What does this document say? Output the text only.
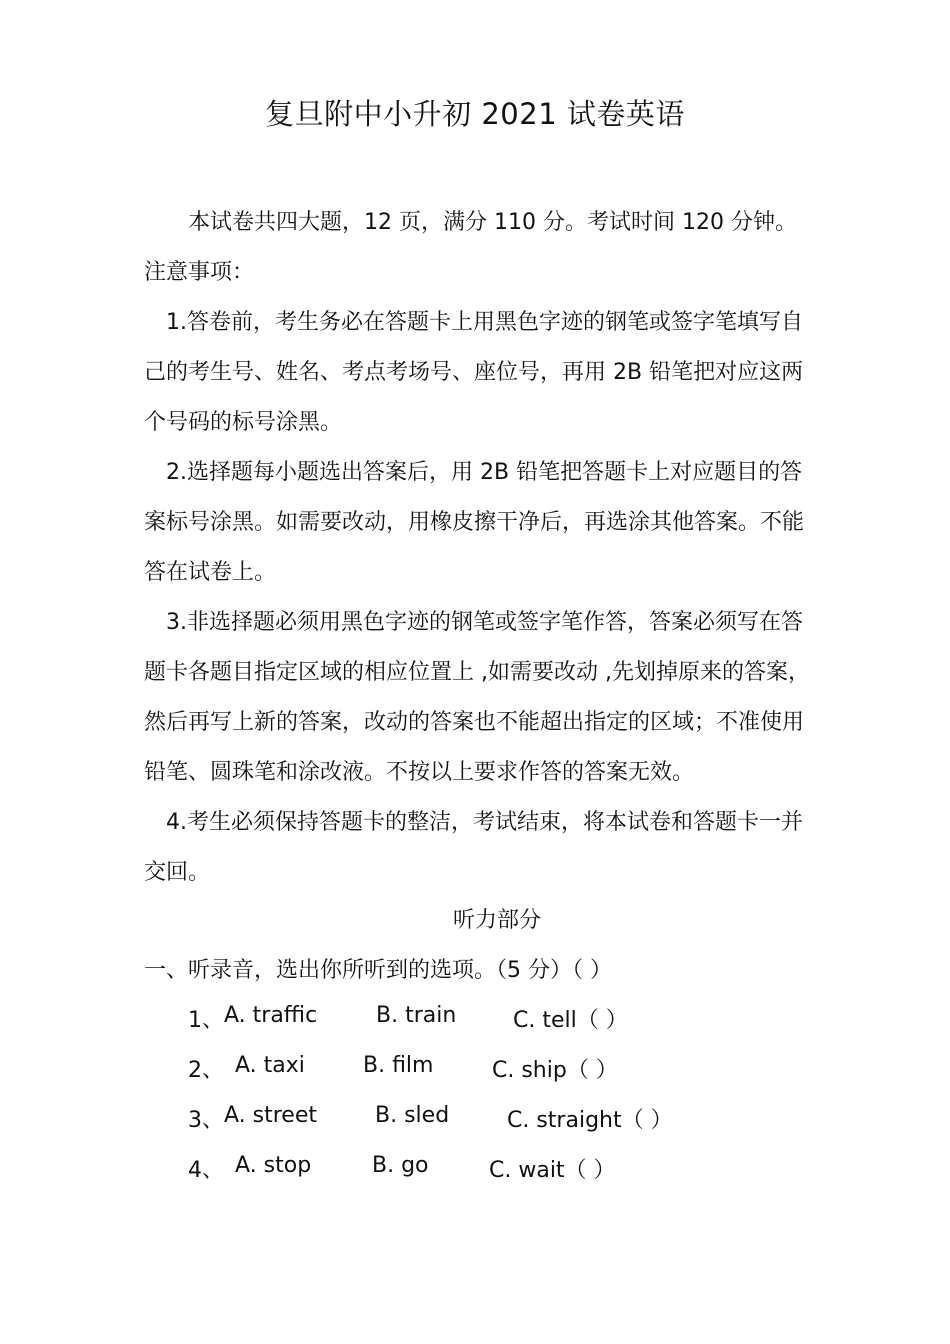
复旦附中小升初 2021 试卷英语
本试卷共四大题，12 页，满分 110 分。考试时间 120 分钟。
注意事项：
1.答卷前，考生务必在答题卡上用黑色字迹的钢笔或签字笔填写自
己的考生号、姓名、考点考场号、座位号，再用 2B 铅笔把对应这两
个号码的标号涂黑。
2.选择题每小题选出答案后，用 2B 铅笔把答题卡上对应题目的答
案标号涂黑。如需要改动，用橡皮擦干净后，再选涂其他答案。不能
答在试卷上。
3.非选择题必须用黑色字迹的钢笔或签字笔作答，答案必须写在答
题卡各题目指定区域的相应位置上 ,如需要改动 ,先划掉原来的答案，
然后再写上新的答案，改动的答案也不能超出指定的区域；不准使用
铅笔、圆珠笔和涂改液。不按以上要求作答的答案无效。
4.考生必须保持答题卡的整洁，考试结束，将本试卷和答题卡一并
交回。
听力部分
一、听录音，选出你所听到的选项。（5 分）（ ）
1、 A. traffic	B. train	C. tell（ ）
2、 A. taxi	B. film	C. ship（ ）
3、 A. street	B. sled	C. straight（ ）
4、 A. stop	B. go	C. wait（ ）
